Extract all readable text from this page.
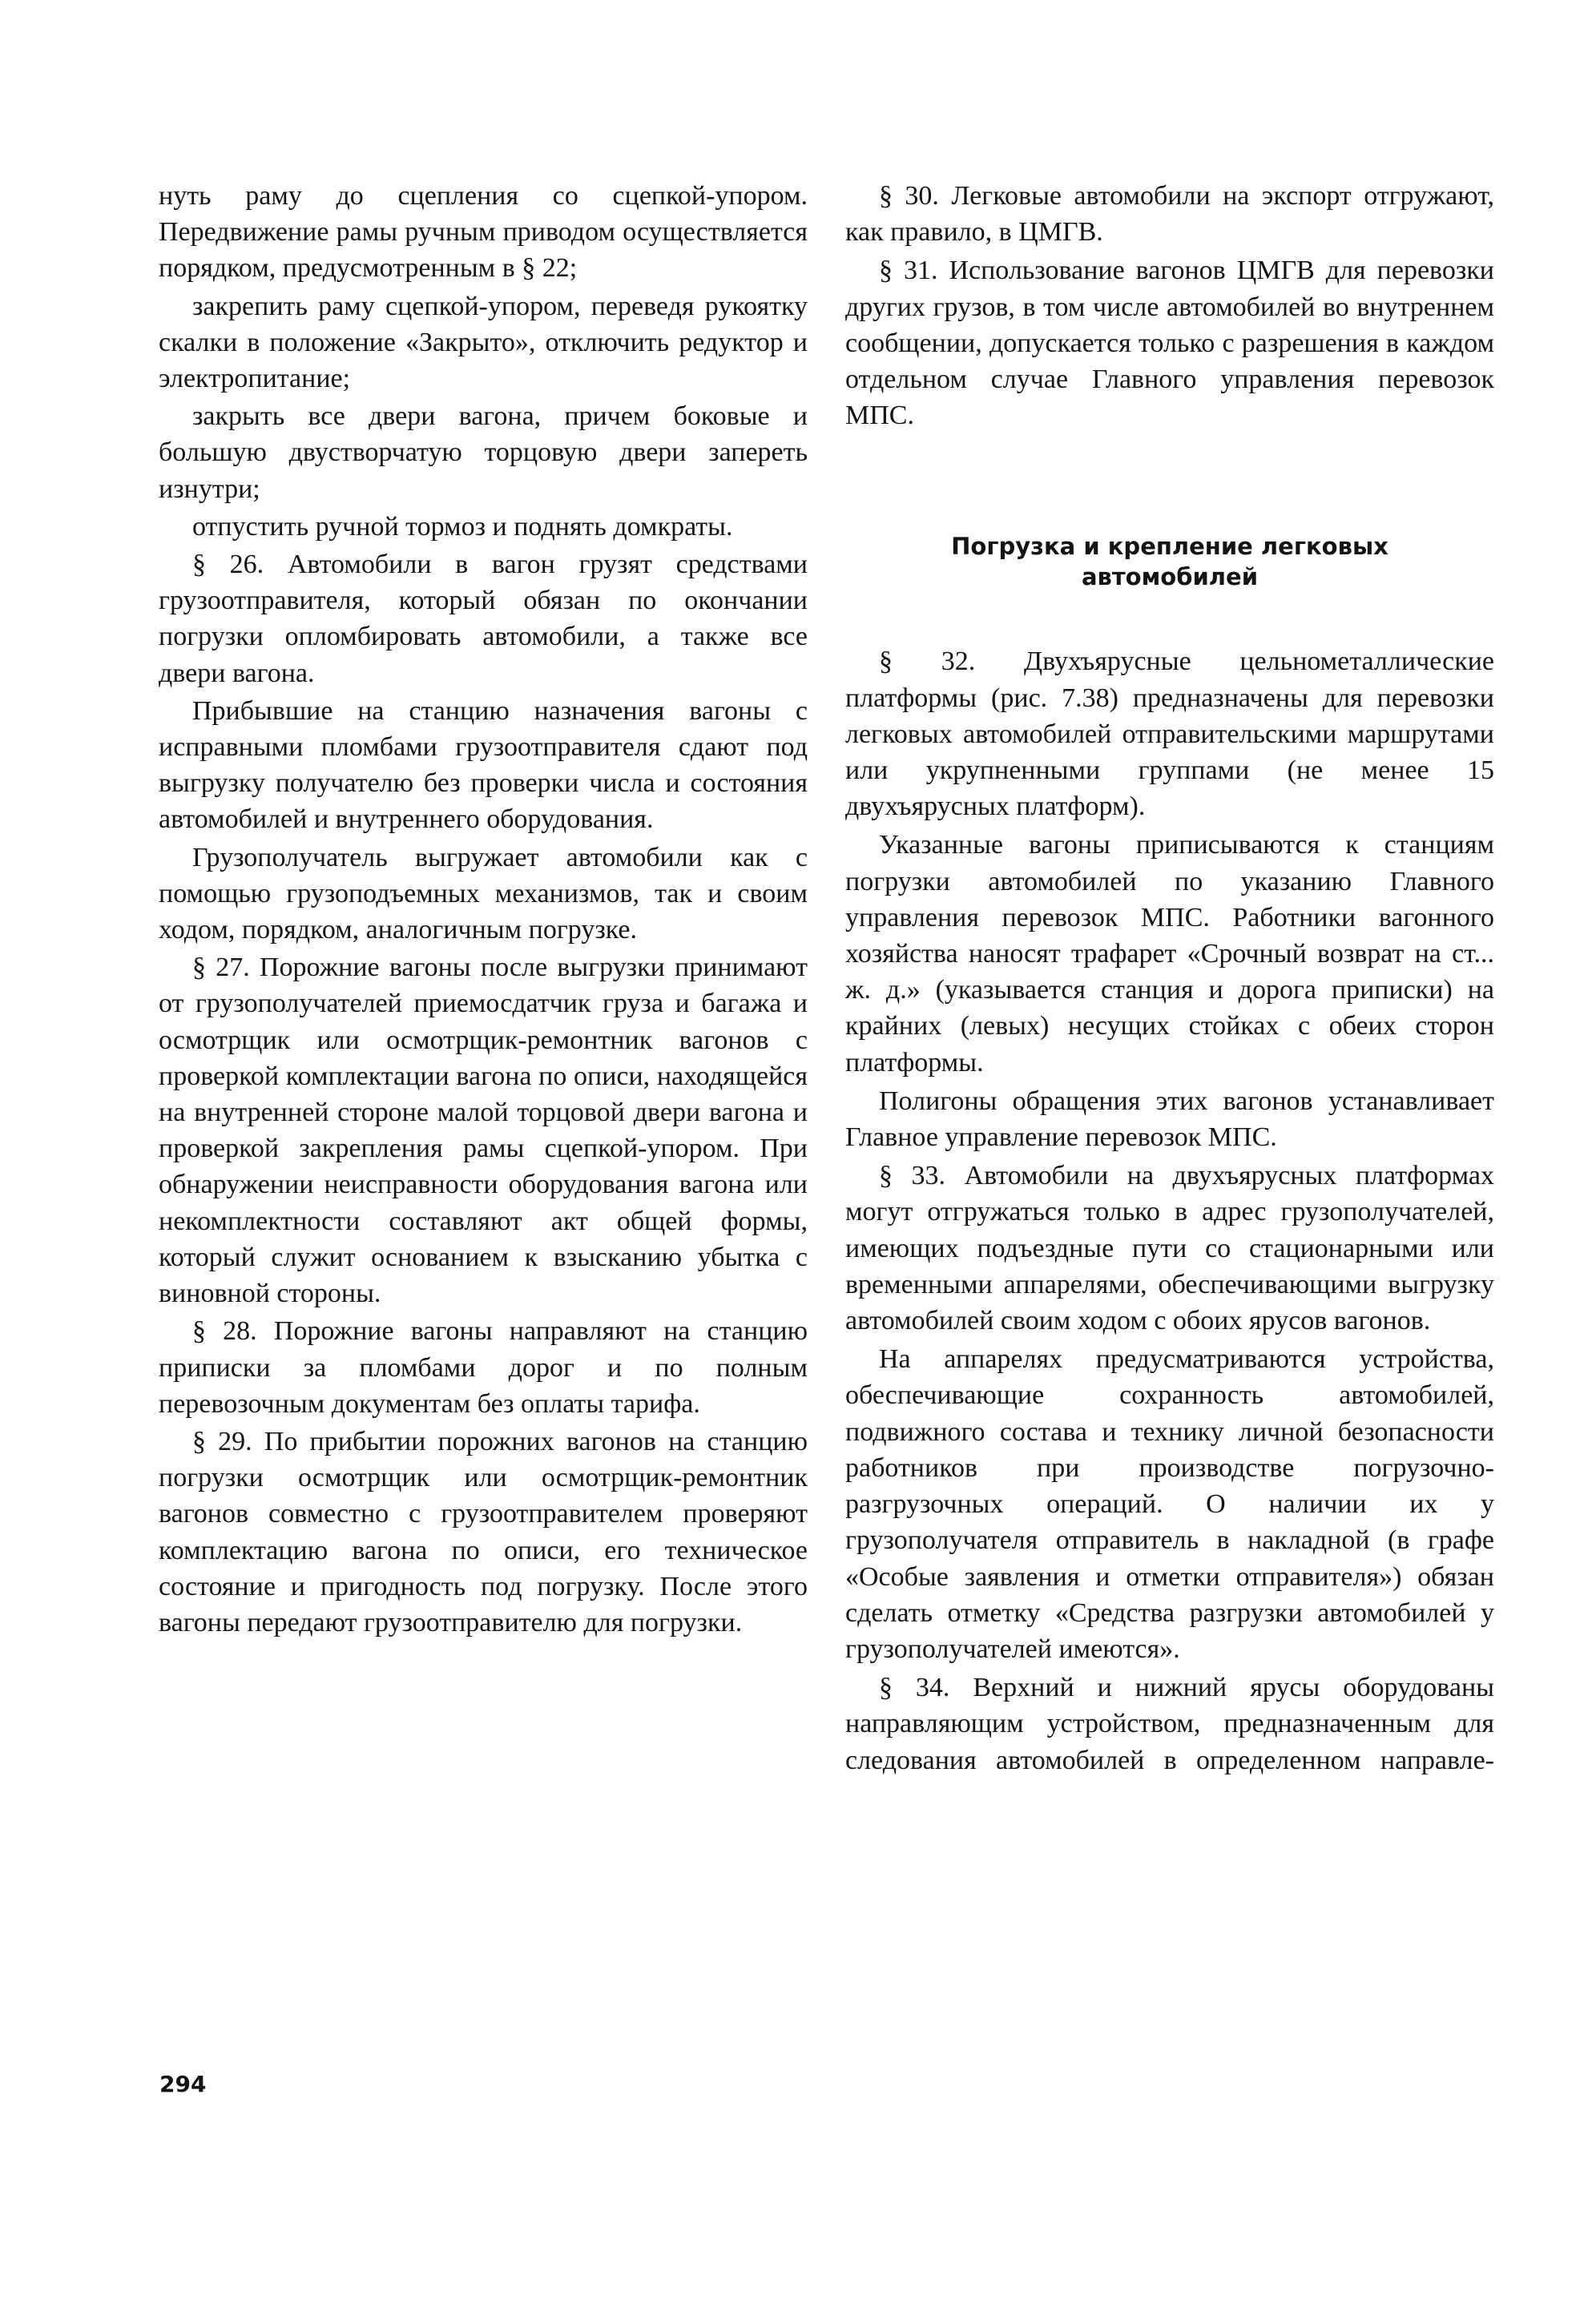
нуть раму до сцепления со сцепкой-упором. Передвижение рамы ручным приводом осуществляется порядком, предусмотренным в § 22;

закрепить раму сцепкой-упором, переведя рукоятку скалки в положение «Закрыто», отключить редуктор и электропитание;

закрыть все двери вагона, причем боковые и большую двустворчатую торцовую двери запереть изнутри;

отпустить ручной тормоз и поднять домкраты.

§ 26. Автомобили в вагон грузят средствами грузоотправителя, который обязан по окончании погрузки опломбировать автомобили, а также все двери вагона.

Прибывшие на станцию назначения вагоны с исправными пломбами грузоотправителя сдают под выгрузку получателю без проверки числа и состояния автомобилей и внутреннего оборудования.

Грузополучатель выгружает автомобили как с помощью грузоподъемных механизмов, так и своим ходом, порядком, аналогичным погрузке.

§ 27. Порожние вагоны после выгрузки принимают от грузополучателей приемосдатчик груза и багажа и осмотрщик или осмотрщик-ремонтник вагонов с проверкой комплектации вагона по описи, находящейся на внутренней стороне малой торцовой двери вагона и проверкой закрепления рамы сцепкой-упором. При обнаружении неисправности оборудования вагона или некомплектности составляют акт общей формы, который служит основанием к взысканию убытка с виновной стороны.

§ 28. Порожние вагоны направляют на станцию приписки за пломбами дорог и по полным перевозочным документам без оплаты тарифа.

§ 29. По прибытии порожних вагонов на станцию погрузки осмотрщик или осмотрщик-ремонтник вагонов совместно с грузоотправителем проверяют комплектацию вагона по описи, его техническое состояние и пригодность под погрузку. После этого вагоны передают грузоотправителю для погрузки.

§ 30. Легковые автомобили на экспорт отгружают, как правило, в ЦМГВ.

§ 31. Использование вагонов ЦМГВ для перевозки других грузов, в том числе автомобилей во внутреннем сообщении, допускается только с разрешения в каждом отдельном случае Главного управления перевозок МПС.

Погрузка и крепление легковых
автомобилей

§ 32. Двухъярусные цельнометаллические платформы (рис. 7.38) предназначены для перевозки легковых автомобилей отправительскими маршрутами или укрупненными группами (не менее 15 двухъярусных платформ).

Указанные вагоны приписываются к станциям погрузки автомобилей по указанию Главного управления перевозок МПС. Работники вагонного хозяйства наносят трафарет «Срочный возврат на ст... ж. д.» (указывается станция и дорога приписки) на крайних (левых) несущих стойках с обеих сторон платформы.

Полигоны обращения этих вагонов устанавливает Главное управление перевозок МПС.

§ 33. Автомобили на двухъярусных платформах могут отгружаться только в адрес грузополучателей, имеющих подъездные пути со стационарными или временными аппарелями, обеспечивающими выгрузку автомобилей своим ходом с обоих ярусов вагонов.

На аппарелях предусматриваются устройства, обеспечивающие сохранность автомобилей, подвижного состава и технику личной безопасности работников при производстве погрузочно-разгрузочных операций. О наличии их у грузополучателя отправитель в накладной (в графе «Особые заявления и отметки отправителя») обязан сделать отметку «Средства разгрузки автомобилей у грузополучателей имеются».

§ 34. Верхний и нижний ярусы оборудованы направляющим устройством, предназначенным для следования автомобилей в определенном направле-

294
